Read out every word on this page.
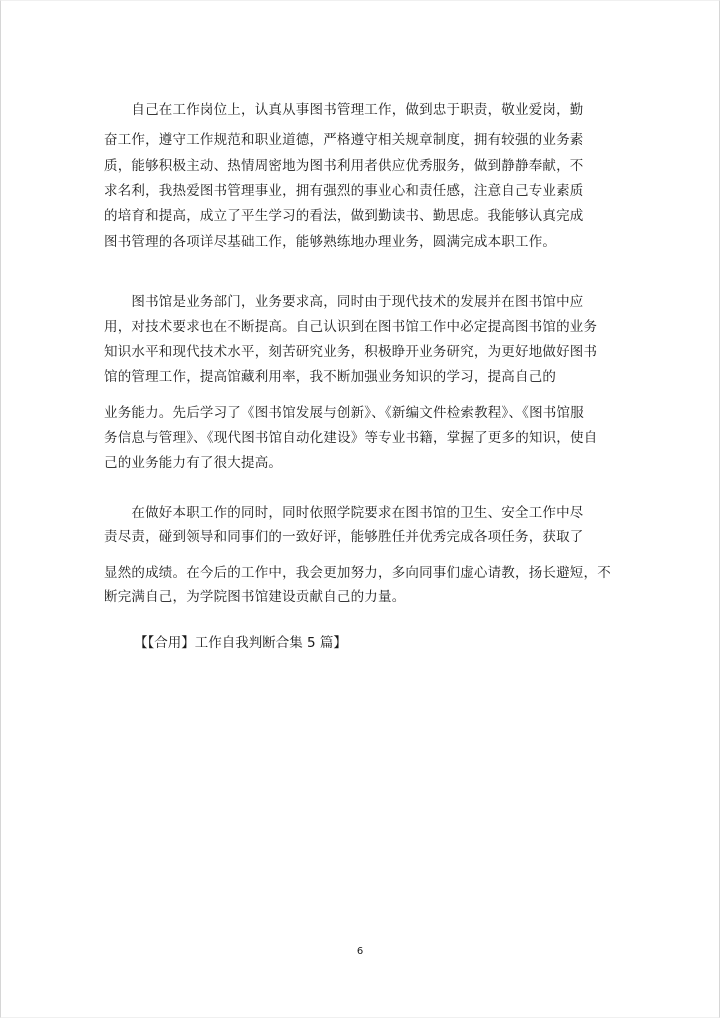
　　自己在工作岗位上，认真从事图书管理工作，做到忠于职责，敬业爱岗，勤
奋工作，遵守工作规范和职业道德，严格遵守相关规章制度，拥有较强的业务素
质，能够积极主动、热情周密地为图书利用者供应优秀服务，做到静静奉献，不
求名利，我热爱图书管理事业，拥有强烈的事业心和责任感，注意自己专业素质
的培育和提高，成立了平生学习的看法，做到勤读书、勤思虑。我能够认真完成
图书管理的各项详尽基础工作，能够熟练地办理业务，圆满完成本职工作。
　　图书馆是业务部门，业务要求高，同时由于现代技术的发展并在图书馆中应
用，对技术要求也在不断提高。自己认识到在图书馆工作中必定提高图书馆的业务
知识水平和现代技术水平，刻苦研究业务，积极睁开业务研究，为更好地做好图书
馆的管理工作，提高馆藏利用率，我不断加强业务知识的学习，提高自己的
业务能力。先后学习了《图书馆发展与创新》、《新编文件检索教程》、《图书馆服
务信息与管理》、《现代图书馆自动化建设》等专业书籍，掌握了更多的知识，使自
己的业务能力有了很大提高。
　　在做好本职工作的同时，同时依照学院要求在图书馆的卫生、安全工作中尽
责尽责，碰到领导和同事们的一致好评，能够胜任并优秀完成各项任务，获取了
显然的成绩。在今后的工作中，我会更加努力，多向同事们虚心请教，扬长避短，不
断完满自己，为学院图书馆建设贡献自己的力量。
【【合用】工作自我判断合集 5 篇】
6
